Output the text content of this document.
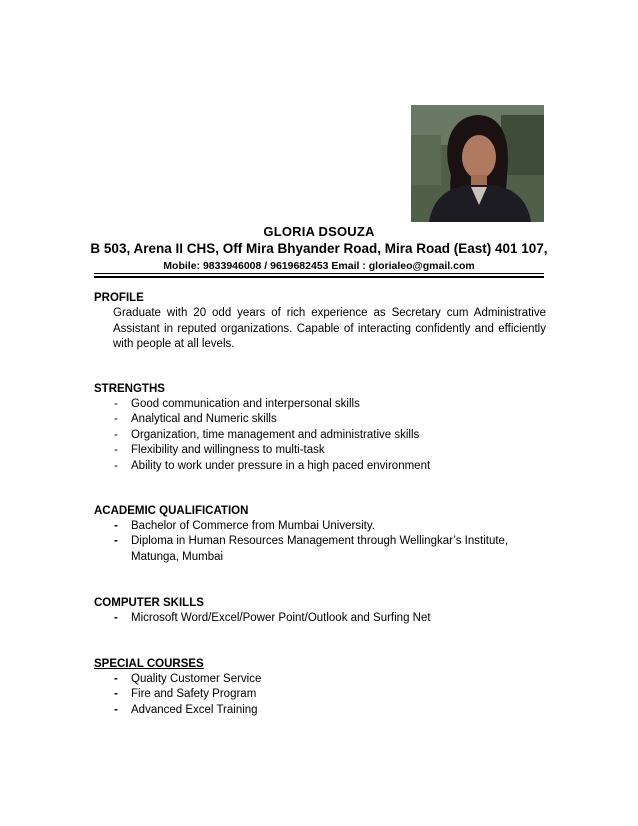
GLORIA DSOUZA
B 503, Arena II CHS, Off Mira Bhyander Road, Mira Road (East) 401 107,
Mobile: 9833946008 / 9619682453 Email : glorialeo@gmail.com
PROFILE
Graduate with 20 odd years of rich experience as Secretary cum Administrative Assistant in reputed organizations. Capable of interacting confidently and efficiently with people at all levels.
STRENGTHS
- Good communication and interpersonal skills
- Analytical and Numeric skills
- Organization, time management and administrative skills
- Flexibility and willingness to multi-task
- Ability to work under pressure in a high paced environment
ACADEMIC QUALIFICATION
- Bachelor of Commerce from Mumbai University.
- Diploma in Human Resources Management through Wellingkar’s Institute, Matunga, Mumbai
COMPUTER SKILLS
- Microsoft Word/Excel/Power Point/Outlook and Surfing Net
SPECIAL COURSES
- Quality Customer Service
- Fire and Safety Program
- Advanced Excel Training
